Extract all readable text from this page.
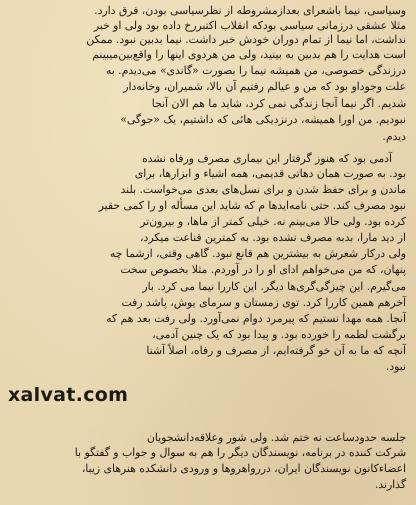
وسیاسی، نیما باشعرای بعدازمشروطه از نظرسیاسی بودن، فرق دارد.
مثلا عشقی درزمانی سیاسی بودکه انقلاب اکتبررخ داده بود ولی او خبر
نداشت، اما نیما از تمام دوران خودش خبر داشت. نیما بدبین نبود. ممکن
است هدایت را هم بدبین به بینید، ولی من هردوی اینها را واقع‌بین‌میبینم
درزندگی خصوصی، من همیشه نیما را بصورت «گاندی» می‌دیدم. به
علت وجوداو بود که من و عیالم رفتیم آن بالا، شمیران، وخانه‌دار
شدیم. اگر نیما آنجا زندگی نمی کرد، شاید ما هم الان آنجا
نبودیم. من اورا همیشه، درنزدیکی هائی که داشتیم، یک «جوگی»
دیدم.
آدمی بود که هنوز گرفتار این بیماری مصرف ورفاه نشده
بود. به صورت همان دهاتی قدیمی، همه اشیاء و ابزارها، برای
ماندن و برای حفظ شدن و برای نسل‌های بعدی می‌خواست. بلند
نبود مصرف کند. حتی نامه‌ایدها م که شاید این مسأله او را کمی حقیر
کرده بود. ولی حالا می‌بینم نه. خیلی کمتر از ماها، و بیرون‌تر
از دید مارا، بدبه مصرف نشده بود. به کمترین قناعت میکرد،
ولی درکار شعرش به بیشترین هم قانع نبود. گاهی وقتی، ازشما چه
پنهان، که من می‌خواهم ادای او را در آوردم. مثلا بخصوص سخت
می‌گیرم. این چیزگی‌گری‌ها دیگر. این کاررا نیما می کرد. بار
آخرهم همین کاررا کرد. توی زمستان و سرمای یوش، پاشد رفت
آنجا. همه مهدا نستیم که پیرمرد دوام نمی‌آورد. ولی رفت بعد هم که
برگشت لطمه را خورده بود. و پیدا بود که یک چنین آدمی،
آنچه که ما به آن خو گرفته‌ایم، از مصرف و رفاه، اصلاً آشنا
نبود.
جلسه حدودساعت نه ختم شد. ولی شور وعلاقه‌دانشجویان
شرکت کننده در برنامه، نویسندگان دیگر را هم به سوال و جواب و گفتگو با
اعضاءکانون نویسندگان ایران، دررواهروها و ورودی دانشکده هنرهای زیبا،
گذارند.
xalvat.com
